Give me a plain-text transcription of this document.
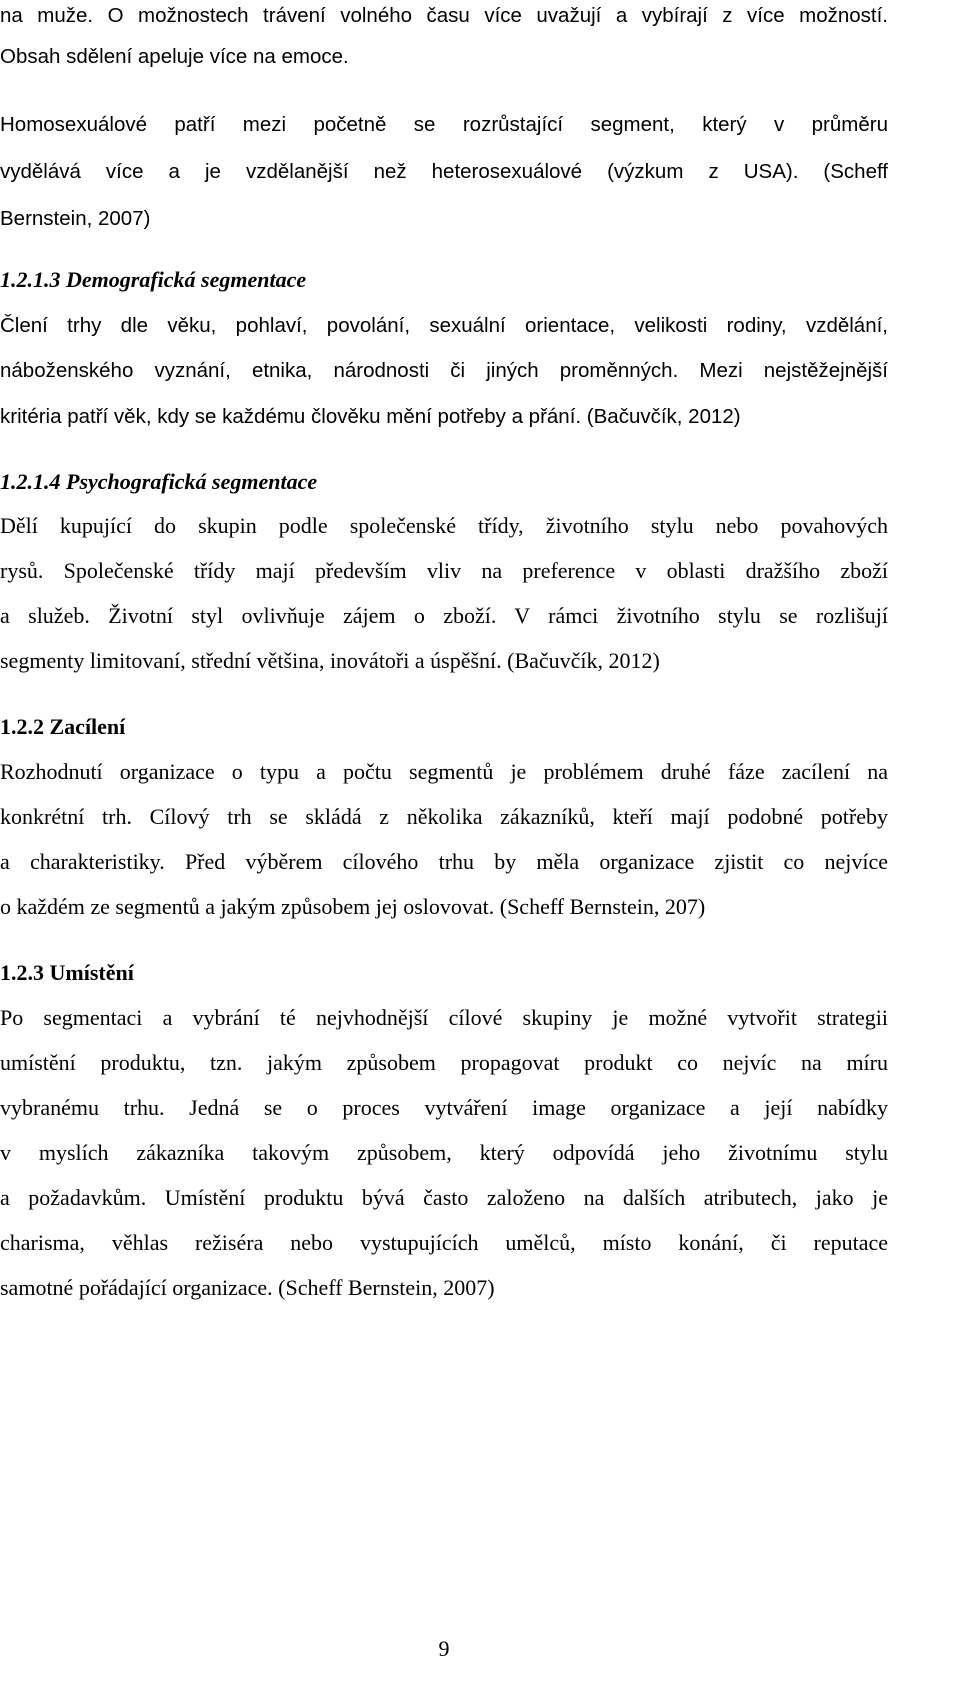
na muže. O možnostech trávení volného času více uvažují a vybírají z více možností.
Obsah sdělení apeluje více na emoce.
Homosexuálové patří mezi početně se rozrůstající segment, který v průměru
vydělává více a je vzdělanější než heterosexuálové (výzkum z USA). (Scheff
Bernstein, 2007)
1.2.1.3 Demografická segmentace
Člení trhy dle věku, pohlaví, povolání, sexuální orientace, velikosti rodiny, vzdělání,
náboženského vyznání, etnika, národnosti či jiných proměnných. Mezi nejstěžejnější
kritéria patří věk, kdy se každému člověku mění potřeby a přání. (Bačuvčík, 2012)
1.2.1.4 Psychografická segmentace
Dělí kupující do skupin podle společenské třídy, životního stylu nebo povahových
rysů. Společenské třídy mají především vliv na preference v oblasti dražšího zboží
a služeb. Životní styl ovlivňuje zájem o zboží. V rámci životního stylu se rozlišují
segmenty limitovaní, střední většina, inovátoři a úspěšní. (Bačuvčík, 2012)
1.2.2 Zacílení
Rozhodnutí organizace o typu a počtu segmentů je problémem druhé fáze zacílení na
konkrétní trh. Cílový trh se skládá z několika zákazníků, kteří mají podobné potřeby
a charakteristiky. Před výběrem cílového trhu by měla organizace zjistit co nejvíce
o každém ze segmentů a jakým způsobem jej oslovovat. (Scheff Bernstein, 207)
1.2.3 Umístění
Po segmentaci a vybrání té nejvhodnější cílové skupiny je možné vytvořit strategii
umístění produktu, tzn. jakým způsobem propagovat produkt co nejvíc na míru
vybranému trhu. Jedná se o proces vytváření image organizace a její nabídky
v myslích zákazníka takovým způsobem, který odpovídá jeho životnímu stylu
a požadavkům. Umístění produktu bývá často založeno na dalších atributech, jako je
charisma, věhlas režiséra nebo vystupujících umělců, místo konání, či reputace
samotné pořádající organizace. (Scheff Bernstein, 2007)
9
